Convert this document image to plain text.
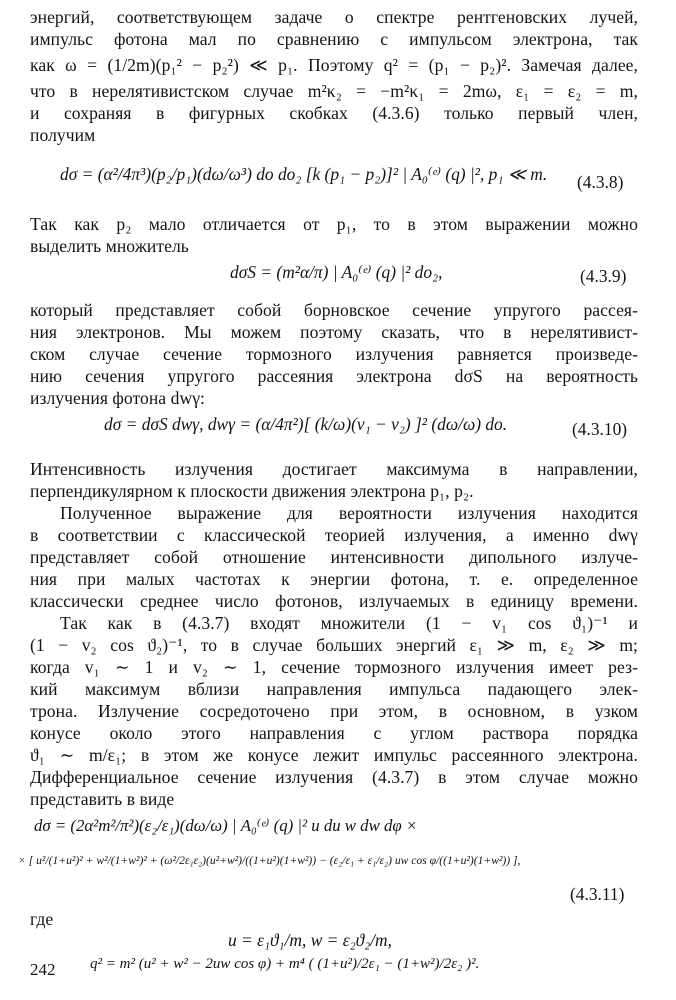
энергий, соответствующем задаче о спектре рентгеновских лучей,
импульс фотона мал по сравнению с импульсом электрона, так
как ω = (1/2m)(p₁² − p₂²) ≪ p₁. Поэтому q² = (p₁ − p₂)². Замечая далее,
что в нерелятивистском случае m²κ₂ = −m²κ₁ = 2mω, ε₁ = ε₂ = m,
и сохраняя в фигурных скобках (4.3.6) только первый член,
получим
dσ = (α²/4π³)(p₂/p₁)(dω/ω³) do do₂ [k (p₁ − p₂)]² | A₀⁽ᵉ⁾ (q) |², p₁ ≪ m. (4.3.8)
Так как p₂ мало отличается от p₁, то в этом выражении можно
выделить множитель
dσS = (m²α/π) | A₀⁽ᵉ⁾ (q) |² do₂,	(4.3.9)
который представляет собой борновское сечение упругого рассея-
ния электронов. Мы можем поэтому сказать, что в нерелятивист-
ском случае сечение тормозного излучения равняется произведе-
нию сечения упругого рассеяния электрона dσS на вероятность
излучения фотона dwγ:
dσ = dσS dwγ, dwγ = (α/4π²)[ (k/ω)(v₁ − v₂) ]² (dω/ω) do.	(4.3.10)
Интенсивность излучения достигает максимума в направлении,
перпендикулярном к плоскости движения электрона p₁, p₂.
Полученное выражение для вероятности излучения находится
в соответствии с классической теорией излучения, а именно dwγ
представляет собой отношение интенсивности дипольного излуче-
ния при малых частотах к энергии фотона, т. е. определенное
классически среднее число фотонов, излучаемых в единицу времени.
Так как в (4.3.7) входят множители (1 − v₁ cos ϑ₁)⁻¹ и
(1 − v₂ cos ϑ₂)⁻¹, то в случае больших энергий ε₁ ≫ m, ε₂ ≫ m;
когда v₁ ∼ 1 и v₂ ∼ 1, сечение тормозного излучения имеет рез-
кий максимум вблизи направления импульса падающего элек-
трона. Излучение сосредоточено при этом, в основном, в узком
конусе около этого направления с углом раствора порядка
ϑ₁ ∼ m/ε₁; в этом же конусе лежит импульс рассеянного электрона.
Дифференциальное сечение излучения (4.3.7) в этом случае можно
представить в виде
dσ = (2α²m²/π²)(ε₂/ε₁)(dω/ω) | A₀⁽ᵉ⁾ (q) |² u du w dw dφ ×
× [ u²/(1+u²)² + w²/(1+w²)² + (ω²/2ε₁ε₂)(u²+w²)/((1+u²)(1+w²)) − (ε₂/ε₁ + ε₁/ε₂) uw cos φ/((1+u²)(1+w²)) ],
(4.3.11)
где
u = ε₁ϑ₁/m, w = ε₂ϑ₂/m,
q² = m² (u² + w² − 2uw cos φ) + m⁴ ( (1+u²)/2ε₁ − (1+w²)/2ε₂ )².
242
